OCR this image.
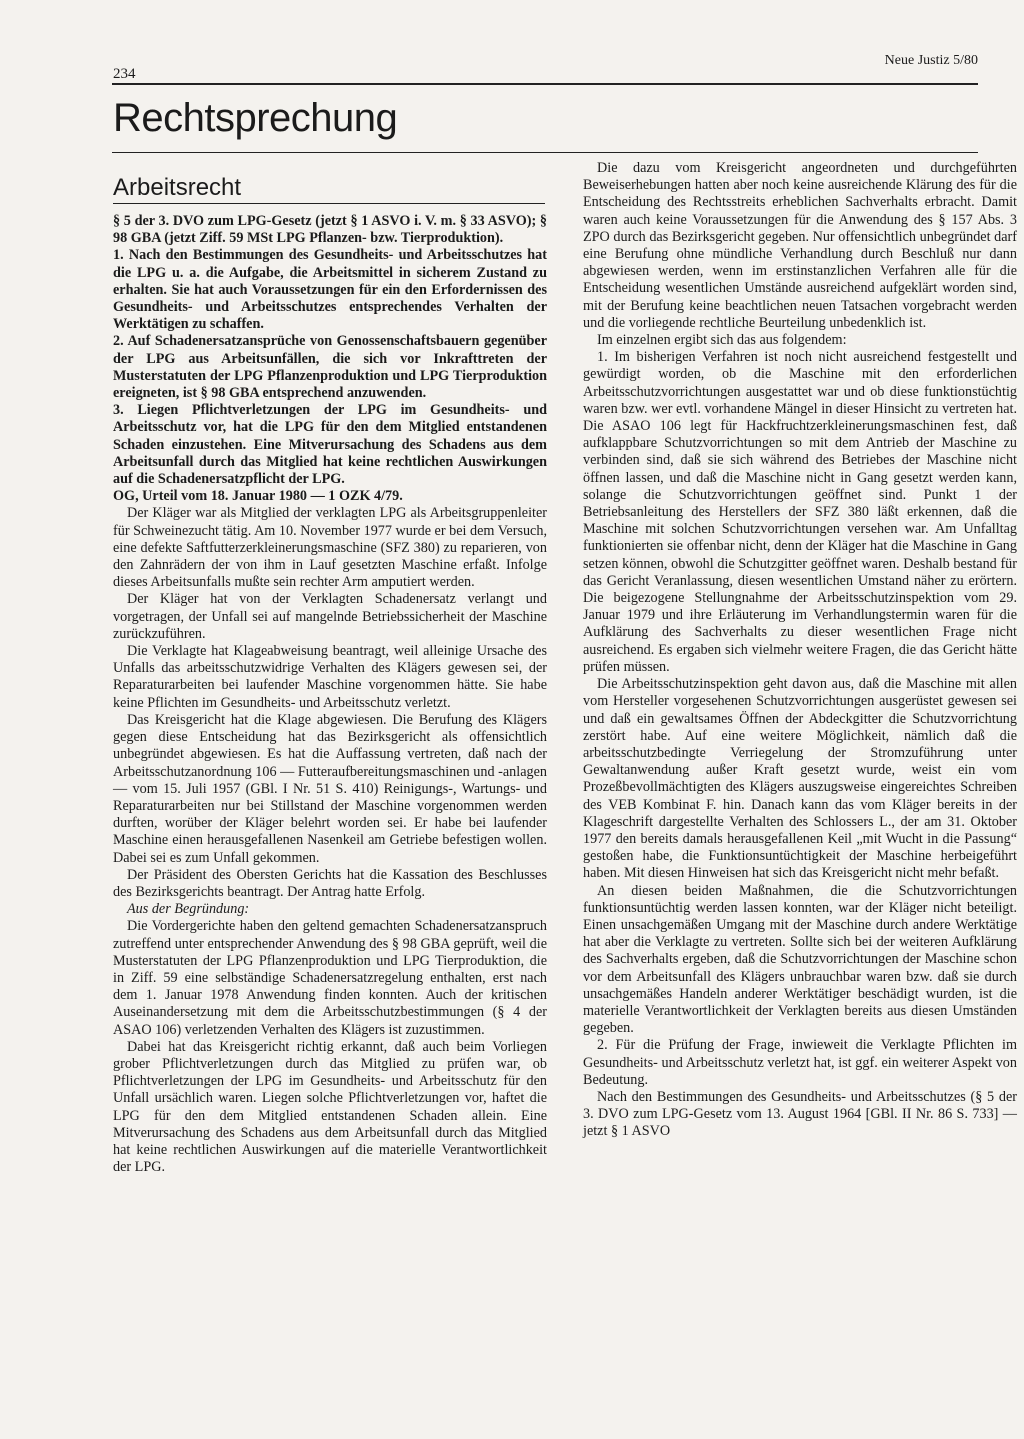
234
Neue Justiz 5/80
Rechtsprechung
Arbeitsrecht

§ 5 der 3. DVO zum LPG-Gesetz (jetzt § 1 ASVO i. V. m. § 33 ASVO); § 98 GBA (jetzt Ziff. 59 MSt LPG Pflanzen- bzw. Tierproduktion).

1. Nach den Bestimmungen des Gesundheits- und Arbeitsschutzes hat die LPG u. a. die Aufgabe, die Arbeitsmittel in sicherem Zustand zu erhalten. Sie hat auch Voraussetzungen für ein den Erfordernissen des Gesundheits- und Arbeitsschutzes entsprechendes Verhalten der Werktätigen zu schaffen.

2. Auf Schadenersatzansprüche von Genossenschaftsbauern gegenüber der LPG aus Arbeitsunfällen, die sich vor Inkrafttreten der Musterstatuten der LPG Pflanzenproduktion und LPG Tierproduktion ereigneten, ist § 98 GBA entsprechend anzuwenden.

3. Liegen Pflichtverletzungen der LPG im Gesundheits- und Arbeitsschutz vor, hat die LPG für den dem Mitglied entstandenen Schaden einzustehen. Eine Mitverursachung des Schadens aus dem Arbeitsunfall durch das Mitglied hat keine rechtlichen Auswirkungen auf die Schadenersatzpflicht der LPG.

OG, Urteil vom 18. Januar 1980 — 1 OZK 4/79.

Der Kläger war als Mitglied der verklagten LPG als Arbeitsgruppenleiter für Schweinezucht tätig. Am 10. November 1977 wurde er bei dem Versuch, eine defekte Saftfutterzerkleinerungsmaschine (SFZ 380) zu reparieren, von den Zahnrädern der von ihm in Lauf gesetzten Maschine erfaßt. Infolge dieses Arbeitsunfalls mußte sein rechter Arm amputiert werden.

Der Kläger hat von der Verklagten Schadenersatz verlangt und vorgetragen, der Unfall sei auf mangelnde Betriebssicherheit der Maschine zurückzuführen.

Die Verklagte hat Klageabweisung beantragt, weil alleinige Ursache des Unfalls das arbeitsschutzwidrige Verhalten des Klägers gewesen sei, der Reparaturarbeiten bei laufender Maschine vorgenommen hätte. Sie habe keine Pflichten im Gesundheits- und Arbeitsschutz verletzt.

Das Kreisgericht hat die Klage abgewiesen. Die Berufung des Klägers gegen diese Entscheidung hat das Bezirksgericht als offensichtlich unbegründet abgewiesen. Es hat die Auffassung vertreten, daß nach der Arbeitsschutzanordnung 106 — Futteraufbereitungsmaschinen und -anlagen — vom 15. Juli 1957 (GBl. I Nr. 51 S. 410) Reinigungs-, Wartungs- und Reparaturarbeiten nur bei Stillstand der Maschine vorgenommen werden durften, worüber der Kläger belehrt worden sei. Er habe bei laufender Maschine einen herausgefallenen Nasenkeil am Getriebe befestigen wollen. Dabei sei es zum Unfall gekommen.

Der Präsident des Obersten Gerichts hat die Kassation des Beschlusses des Bezirksgerichts beantragt. Der Antrag hatte Erfolg.

Aus der Begründung:

Die Vordergerichte haben den geltend gemachten Schadenersatzanspruch zutreffend unter entsprechender Anwendung des § 98 GBA geprüft, weil die Musterstatuten der LPG Pflanzenproduktion und LPG Tierproduktion, die in Ziff. 59 eine selbständige Schadenersatzregelung enthalten, erst nach dem 1. Januar 1978 Anwendung finden konnten. Auch der kritischen Auseinandersetzung mit dem die Arbeitsschutzbestimmungen (§ 4 der ASAO 106) verletzenden Verhalten des Klägers ist zuzustimmen.

Dabei hat das Kreisgericht richtig erkannt, daß auch beim Vorliegen grober Pflichtverletzungen durch das Mitglied zu prüfen war, ob Pflichtverletzungen der LPG im Gesundheits- und Arbeitsschutz für den Unfall ursächlich waren. Liegen solche Pflichtverletzungen vor, haftet die LPG für den dem Mitglied entstandenen Schaden allein. Eine Mitverursachung des Schadens aus dem Arbeitsunfall durch das Mitglied hat keine rechtlichen Auswirkungen auf die materielle Verantwortlichkeit der LPG.

Die dazu vom Kreisgericht angeordneten und durchgeführten Beweiserhebungen hatten aber noch keine ausreichende Klärung des für die Entscheidung des Rechtsstreits erheblichen Sachverhalts erbracht. Damit waren auch keine Voraussetzungen für die Anwendung des § 157 Abs. 3 ZPO durch das Bezirksgericht gegeben. Nur offensichtlich unbegründet darf eine Berufung ohne mündliche Verhandlung durch Beschluß nur dann abgewiesen werden, wenn im erstinstanzlichen Verfahren alle für die Entscheidung wesentlichen Umstände ausreichend aufgeklärt worden sind, mit der Berufung keine beachtlichen neuen Tatsachen vorgebracht werden und die vorliegende rechtliche Beurteilung unbedenklich ist.

Im einzelnen ergibt sich das aus folgendem:

1. Im bisherigen Verfahren ist noch nicht ausreichend festgestellt und gewürdigt worden, ob die Maschine mit den erforderlichen Arbeitsschutzvorrichtungen ausgestattet war und ob diese funktionstüchtig waren bzw. wer evtl. vorhandene Mängel in dieser Hinsicht zu vertreten hat. Die ASAO 106 legt für Hackfruchtzerkleinerungsmaschinen fest, daß aufklappbare Schutzvorrichtungen so mit dem Antrieb der Maschine zu verbinden sind, daß sie sich während des Betriebes der Maschine nicht öffnen lassen, und daß die Maschine nicht in Gang gesetzt werden kann, solange die Schutzvorrichtungen geöffnet sind. Punkt 1 der Betriebsanleitung des Herstellers der SFZ 380 läßt erkennen, daß die Maschine mit solchen Schutzvorrichtungen versehen war. Am Unfalltag funktionierten sie offenbar nicht, denn der Kläger hat die Maschine in Gang setzen können, obwohl die Schutzgitter geöffnet waren. Deshalb bestand für das Gericht Veranlassung, diesen wesentlichen Umstand näher zu erörtern. Die beigezogene Stellungnahme der Arbeitsschutzinspektion vom 29. Januar 1979 und ihre Erläuterung im Verhandlungstermin waren für die Aufklärung des Sachverhalts zu dieser wesentlichen Frage nicht ausreichend. Es ergaben sich vielmehr weitere Fragen, die das Gericht hätte prüfen müssen.

Die Arbeitsschutzinspektion geht davon aus, daß die Maschine mit allen vom Hersteller vorgesehenen Schutzvorrichtungen ausgerüstet gewesen sei und daß ein gewaltsames Öffnen der Abdeckgitter die Schutzvorrichtung zerstört habe. Auf eine weitere Möglichkeit, nämlich daß die arbeitsschutzbedingte Verriegelung der Stromzuführung unter Gewaltanwendung außer Kraft gesetzt wurde, weist ein vom Prozeßbevollmächtigten des Klägers auszugsweise eingereichtes Schreiben des VEB Kombinat F. hin. Danach kann das vom Kläger bereits in der Klageschrift dargestellte Verhalten des Schlossers L., der am 31. Oktober 1977 den bereits damals herausgefallenen Keil „mit Wucht in die Passung“ gestoßen habe, die Funktionsuntüchtigkeit der Maschine herbeigeführt haben. Mit diesen Hinweisen hat sich das Kreisgericht nicht mehr befaßt.

An diesen beiden Maßnahmen, die die Schutzvorrichtungen funktionsuntüchtig werden lassen konnten, war der Kläger nicht beteiligt. Einen unsachgemäßen Umgang mit der Maschine durch andere Werktätige hat aber die Verklagte zu vertreten. Sollte sich bei der weiteren Aufklärung des Sachverhalts ergeben, daß die Schutzvorrichtungen der Maschine schon vor dem Arbeitsunfall des Klägers unbrauchbar waren bzw. daß sie durch unsachgemäßes Handeln anderer Werktätiger beschädigt wurden, ist die materielle Verantwortlichkeit der Verklagten bereits aus diesen Umständen gegeben.

2. Für die Prüfung der Frage, inwieweit die Verklagte Pflichten im Gesundheits- und Arbeitsschutz verletzt hat, ist ggf. ein weiterer Aspekt von Bedeutung.

Nach den Bestimmungen des Gesundheits- und Arbeitsschutzes (§ 5 der 3. DVO zum LPG-Gesetz vom 13. August 1964 [GBl. II Nr. 86 S. 733] — jetzt § 1 ASVO
